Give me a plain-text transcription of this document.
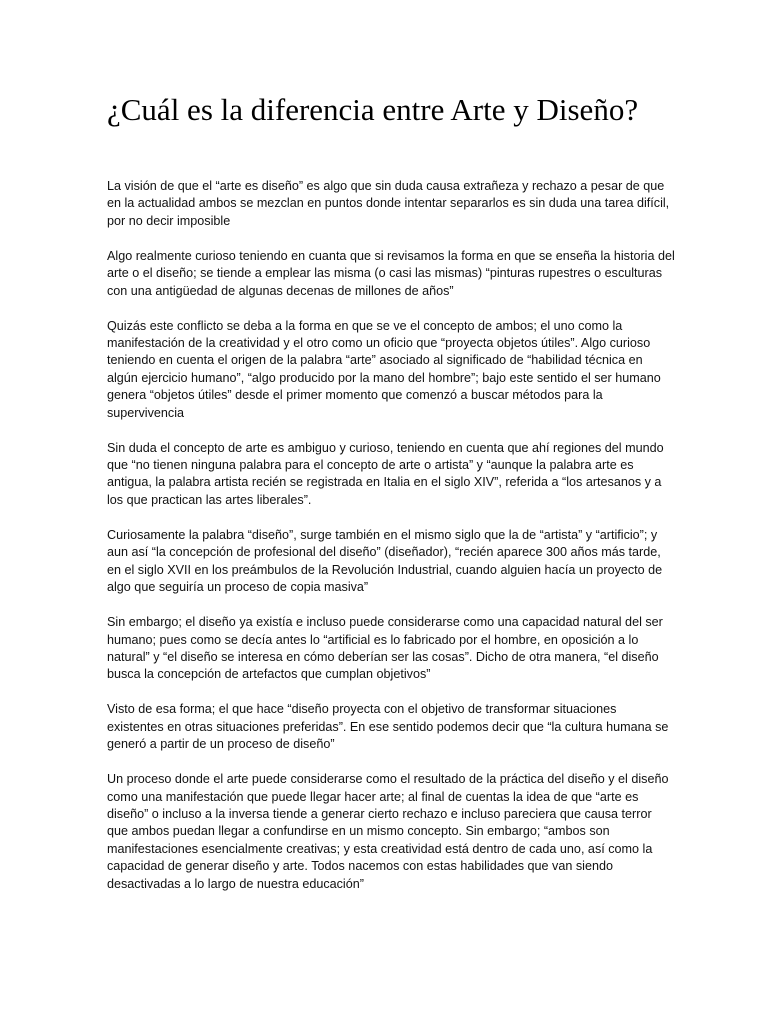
¿Cuál es la diferencia entre Arte y Diseño?

La visión de que el “arte es diseño” es algo que sin duda causa extrañeza y rechazo a pesar de que en la actualidad ambos se mezclan en puntos donde intentar separarlos es sin duda una tarea difícil, por no decir imposible

Algo realmente curioso teniendo en cuanta que si revisamos la forma en que se enseña la historia del arte o el diseño; se tiende a emplear las misma (o casi las mismas) “pinturas rupestres o esculturas con una antigüedad de algunas decenas de millones de años”

Quizás este conflicto se deba a la forma en que se ve el concepto de ambos; el uno como la manifestación de la creatividad y el otro como un oficio que “proyecta objetos útiles”. Algo curioso teniendo en cuenta el origen de la palabra “arte” asociado al significado de “habilidad técnica en algún ejercicio humano”, “algo producido por la mano del hombre”; bajo este sentido el ser humano genera “objetos útiles” desde el primer momento que comenzó a buscar métodos para la supervivencia

Sin duda el concepto de arte es ambiguo y curioso, teniendo en cuenta que ahí regiones del mundo que “no tienen ninguna palabra para el concepto de arte o artista” y “aunque la palabra arte es antigua, la palabra artista recién se registrada en Italia en el siglo XIV”, referida a “los artesanos y a los que practican las artes liberales”.

Curiosamente la palabra “diseño”, surge también en el mismo siglo que la de “artista” y “artificio”; y aun así “la concepción de profesional del diseño” (diseñador), “recién aparece 300 años más tarde, en el siglo XVII en los preámbulos de la Revolución Industrial, cuando alguien hacía un proyecto de algo que seguiría un proceso de copia masiva”

Sin embargo; el diseño ya existía e incluso puede considerarse como una capacidad natural del ser humano; pues como se decía antes lo “artificial es lo fabricado por el hombre, en oposición a lo natural” y “el diseño se interesa en cómo deberían ser las cosas”. Dicho de otra manera, “el diseño busca la concepción de artefactos que cumplan objetivos”

Visto de esa forma; el que hace “diseño proyecta con el objetivo de transformar situaciones existentes en otras situaciones preferidas”. En ese sentido podemos decir que “la cultura humana se generó a partir de un proceso de diseño”

Un proceso donde el arte puede considerarse como el resultado de la práctica del diseño y el diseño como una manifestación que puede llegar hacer arte; al final de cuentas la idea de que “arte es diseño” o incluso a la inversa tiende a generar cierto rechazo e incluso pareciera que causa terror que ambos puedan llegar a confundirse en un mismo concepto. Sin embargo; “ambos son manifestaciones esencialmente creativas; y esta creatividad está dentro de cada uno, así como la capacidad de generar diseño y arte. Todos nacemos con estas habilidades que van siendo desactivadas a lo largo de nuestra educación”
